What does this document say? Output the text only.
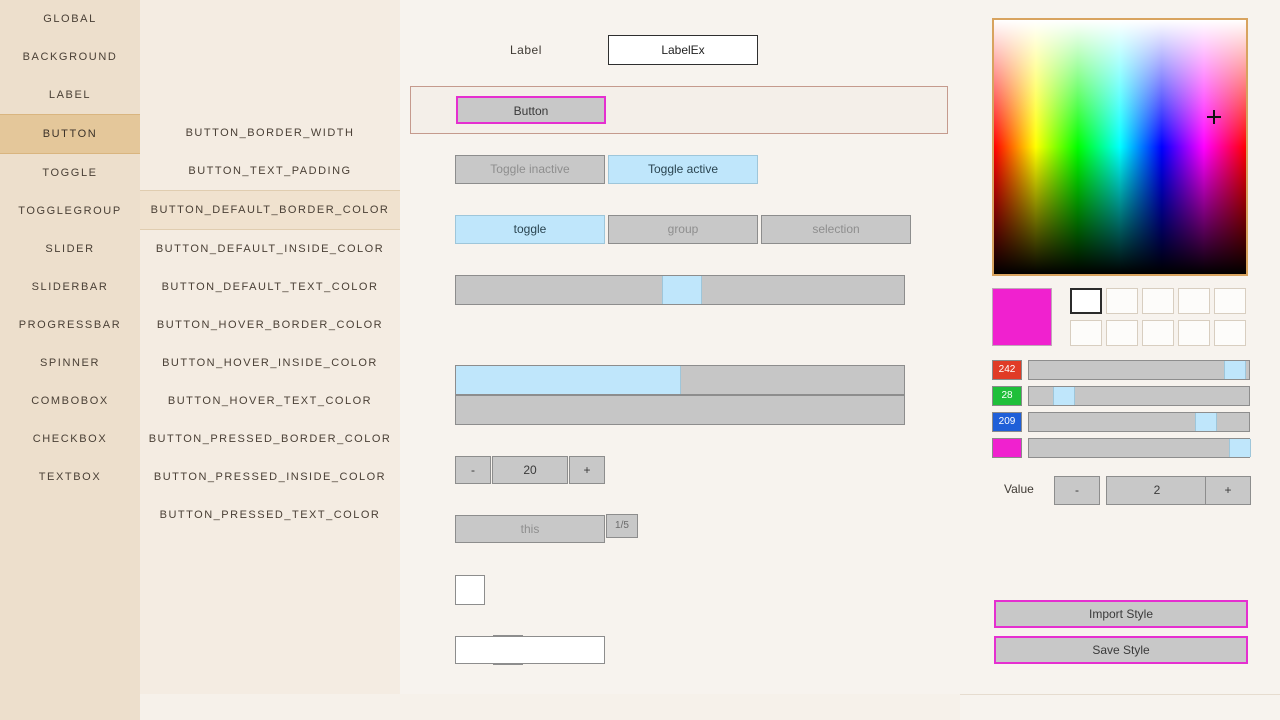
GLOBAL
BACKGROUND
LABEL
BUTTON
TOGGLE
TOGGLEGROUP
SLIDER
SLIDERBAR
PROGRESSBAR
SPINNER
COMBOBOX
CHECKBOX
TEXTBOX
BUTTON_BORDER_WIDTH
BUTTON_TEXT_PADDING
BUTTON_DEFAULT_BORDER_COLOR
BUTTON_DEFAULT_INSIDE_COLOR
BUTTON_DEFAULT_TEXT_COLOR
BUTTON_HOVER_BORDER_COLOR
BUTTON_HOVER_INSIDE_COLOR
BUTTON_HOVER_TEXT_COLOR
BUTTON_PRESSED_BORDER_COLOR
BUTTON_PRESSED_INSIDE_COLOR
BUTTON_PRESSED_TEXT_COLOR
Label	LabelEx
Button
Toggle inactive	Toggle active
toggle	group	selection
-	20	+
this	1/5
242
28
209
Value	-	2	+
Import Style
Save Style
